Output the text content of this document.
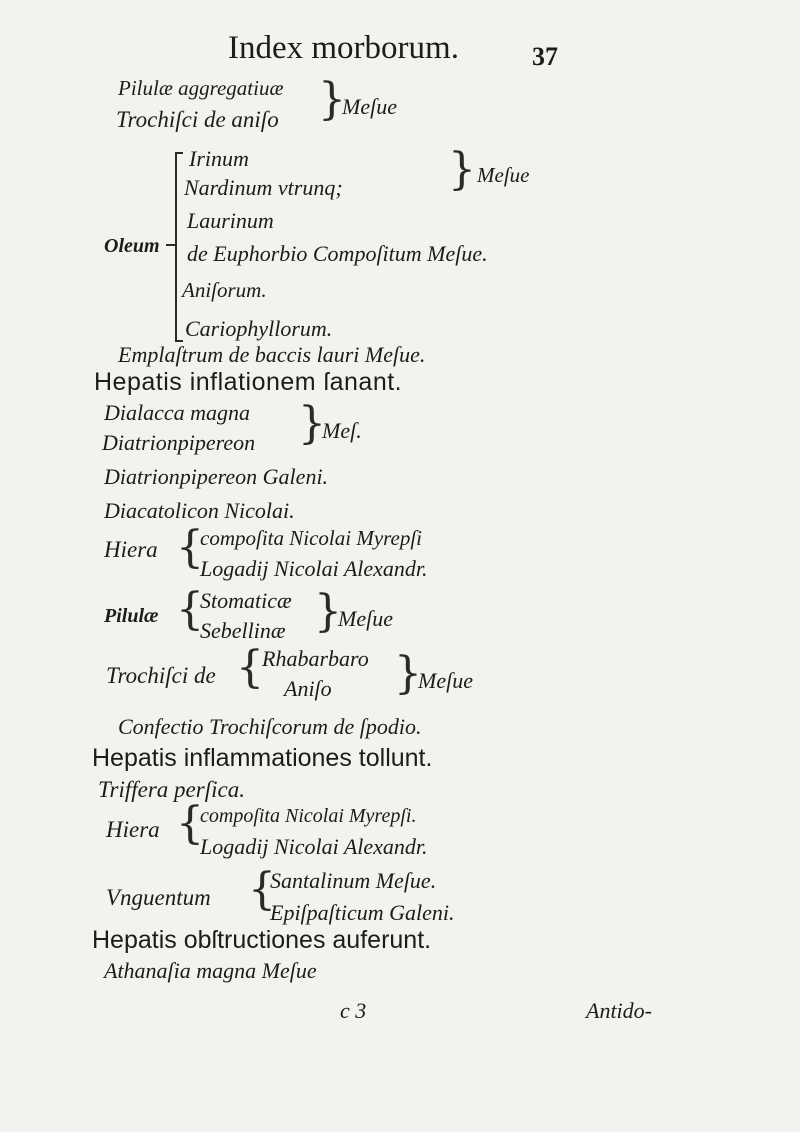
Index morborum.	37
Pilulæ aggregatiuæ
Trochiſci de aniſo }
Meſue
Oleum
Irinum
Nardinum vtrunq; } Meſue
Laurinum
de Euphorbio Compoſitum Meſue.
Aniſorum.
Cariophyllorum.
Emplaſtrum de baccis lauri Meſue.
Hepatis inflationem ſanant.
Dialacca magna
Diatrionpipereon }
Meſ.
Diatrionpipereon Galeni.
Diacatolicon Nicolai.
Hiera {
compoſita Nicolai Myrepſi
Logadij Nicolai Alexandr.
Pilulæ {
Stomaticæ
Sebellinæ }
Meſue
Trochiſci de {
Rhabarbaro
Aniſo }
Meſue
Confectio Trochiſcorum de ſpodio.
Hepatis inflammationes tollunt.
Triffera perſica.
Hiera {
compoſita Nicolai Myrepſi.
Logadij Nicolai Alexandr.
Vnguentum {
Santalinum Meſue.
Epiſpaſticum Galeni.
Hepatis obſtructiones auferunt.
Athanaſia magna Meſue
c 3	Antido-
